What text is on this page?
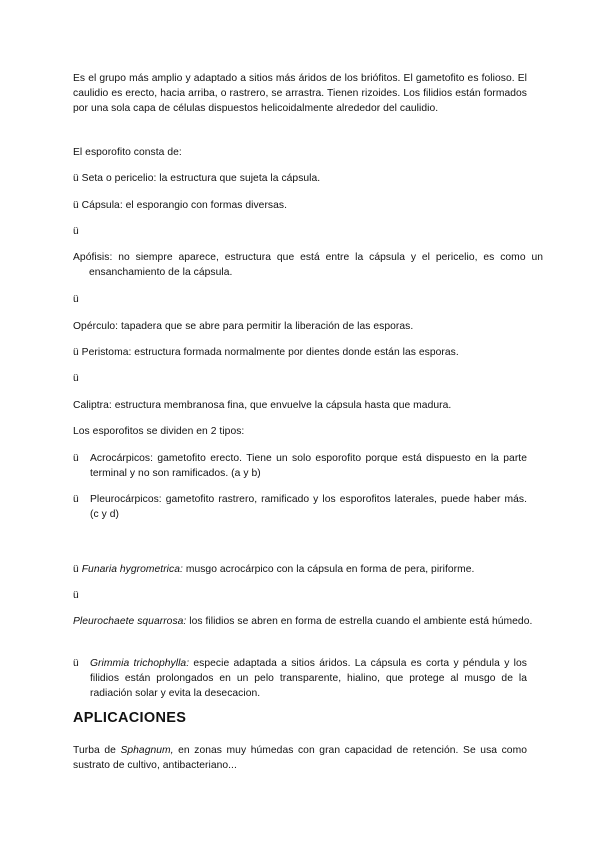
Es el grupo más amplio y adaptado a sitios más áridos de los briófitos. El gametofito es folioso. El caulidio es erecto, hacia arriba, o rastrero, se arrastra. Tienen rizoides. Los filidios están formados por una sola capa de células dispuestos helicoidalmente alrededor del caulidio.
El esporofito consta de:
ü Seta o pericelio: la estructura que sujeta la cápsula.
ü Cápsula: el esporangio con formas diversas.
ü
Apófisis: no siempre aparece, estructura que está entre la cápsula y el pericelio, es como un ensanchamiento de la cápsula.
ü
Opérculo: tapadera que se abre para permitir la liberación de las esporas.
ü Peristoma: estructura formada normalmente por dientes donde están las esporas.
ü
Caliptra: estructura membranosa fina, que envuelve la cápsula hasta que madura.
Los esporofitos se dividen en 2 tipos:
ü	Acrocárpicos: gametofito erecto. Tiene un solo esporofito porque está dispuesto en la parte terminal y no son ramificados. (a y b)
ü	Pleurocárpicos: gametofito rastrero, ramificado y los esporofitos laterales, puede haber más. (c y d)
ü Funaria hygrometrica: musgo acrocárpico con la cápsula en forma de pera, piriforme.
ü
Pleurochaete squarrosa: los filidios se abren en forma de estrella cuando el ambiente está húmedo.
ü	Grimmia trichophylla: especie adaptada a sitios áridos. La cápsula es corta y péndula y los filidios están prolongados en un pelo transparente, hialino, que protege al musgo de la radiación solar y evita la desecacion.
APLICACIONES
Turba de Sphagnum, en zonas muy húmedas con gran capacidad de retención. Se usa como sustrato de cultivo, antibacteriano...
